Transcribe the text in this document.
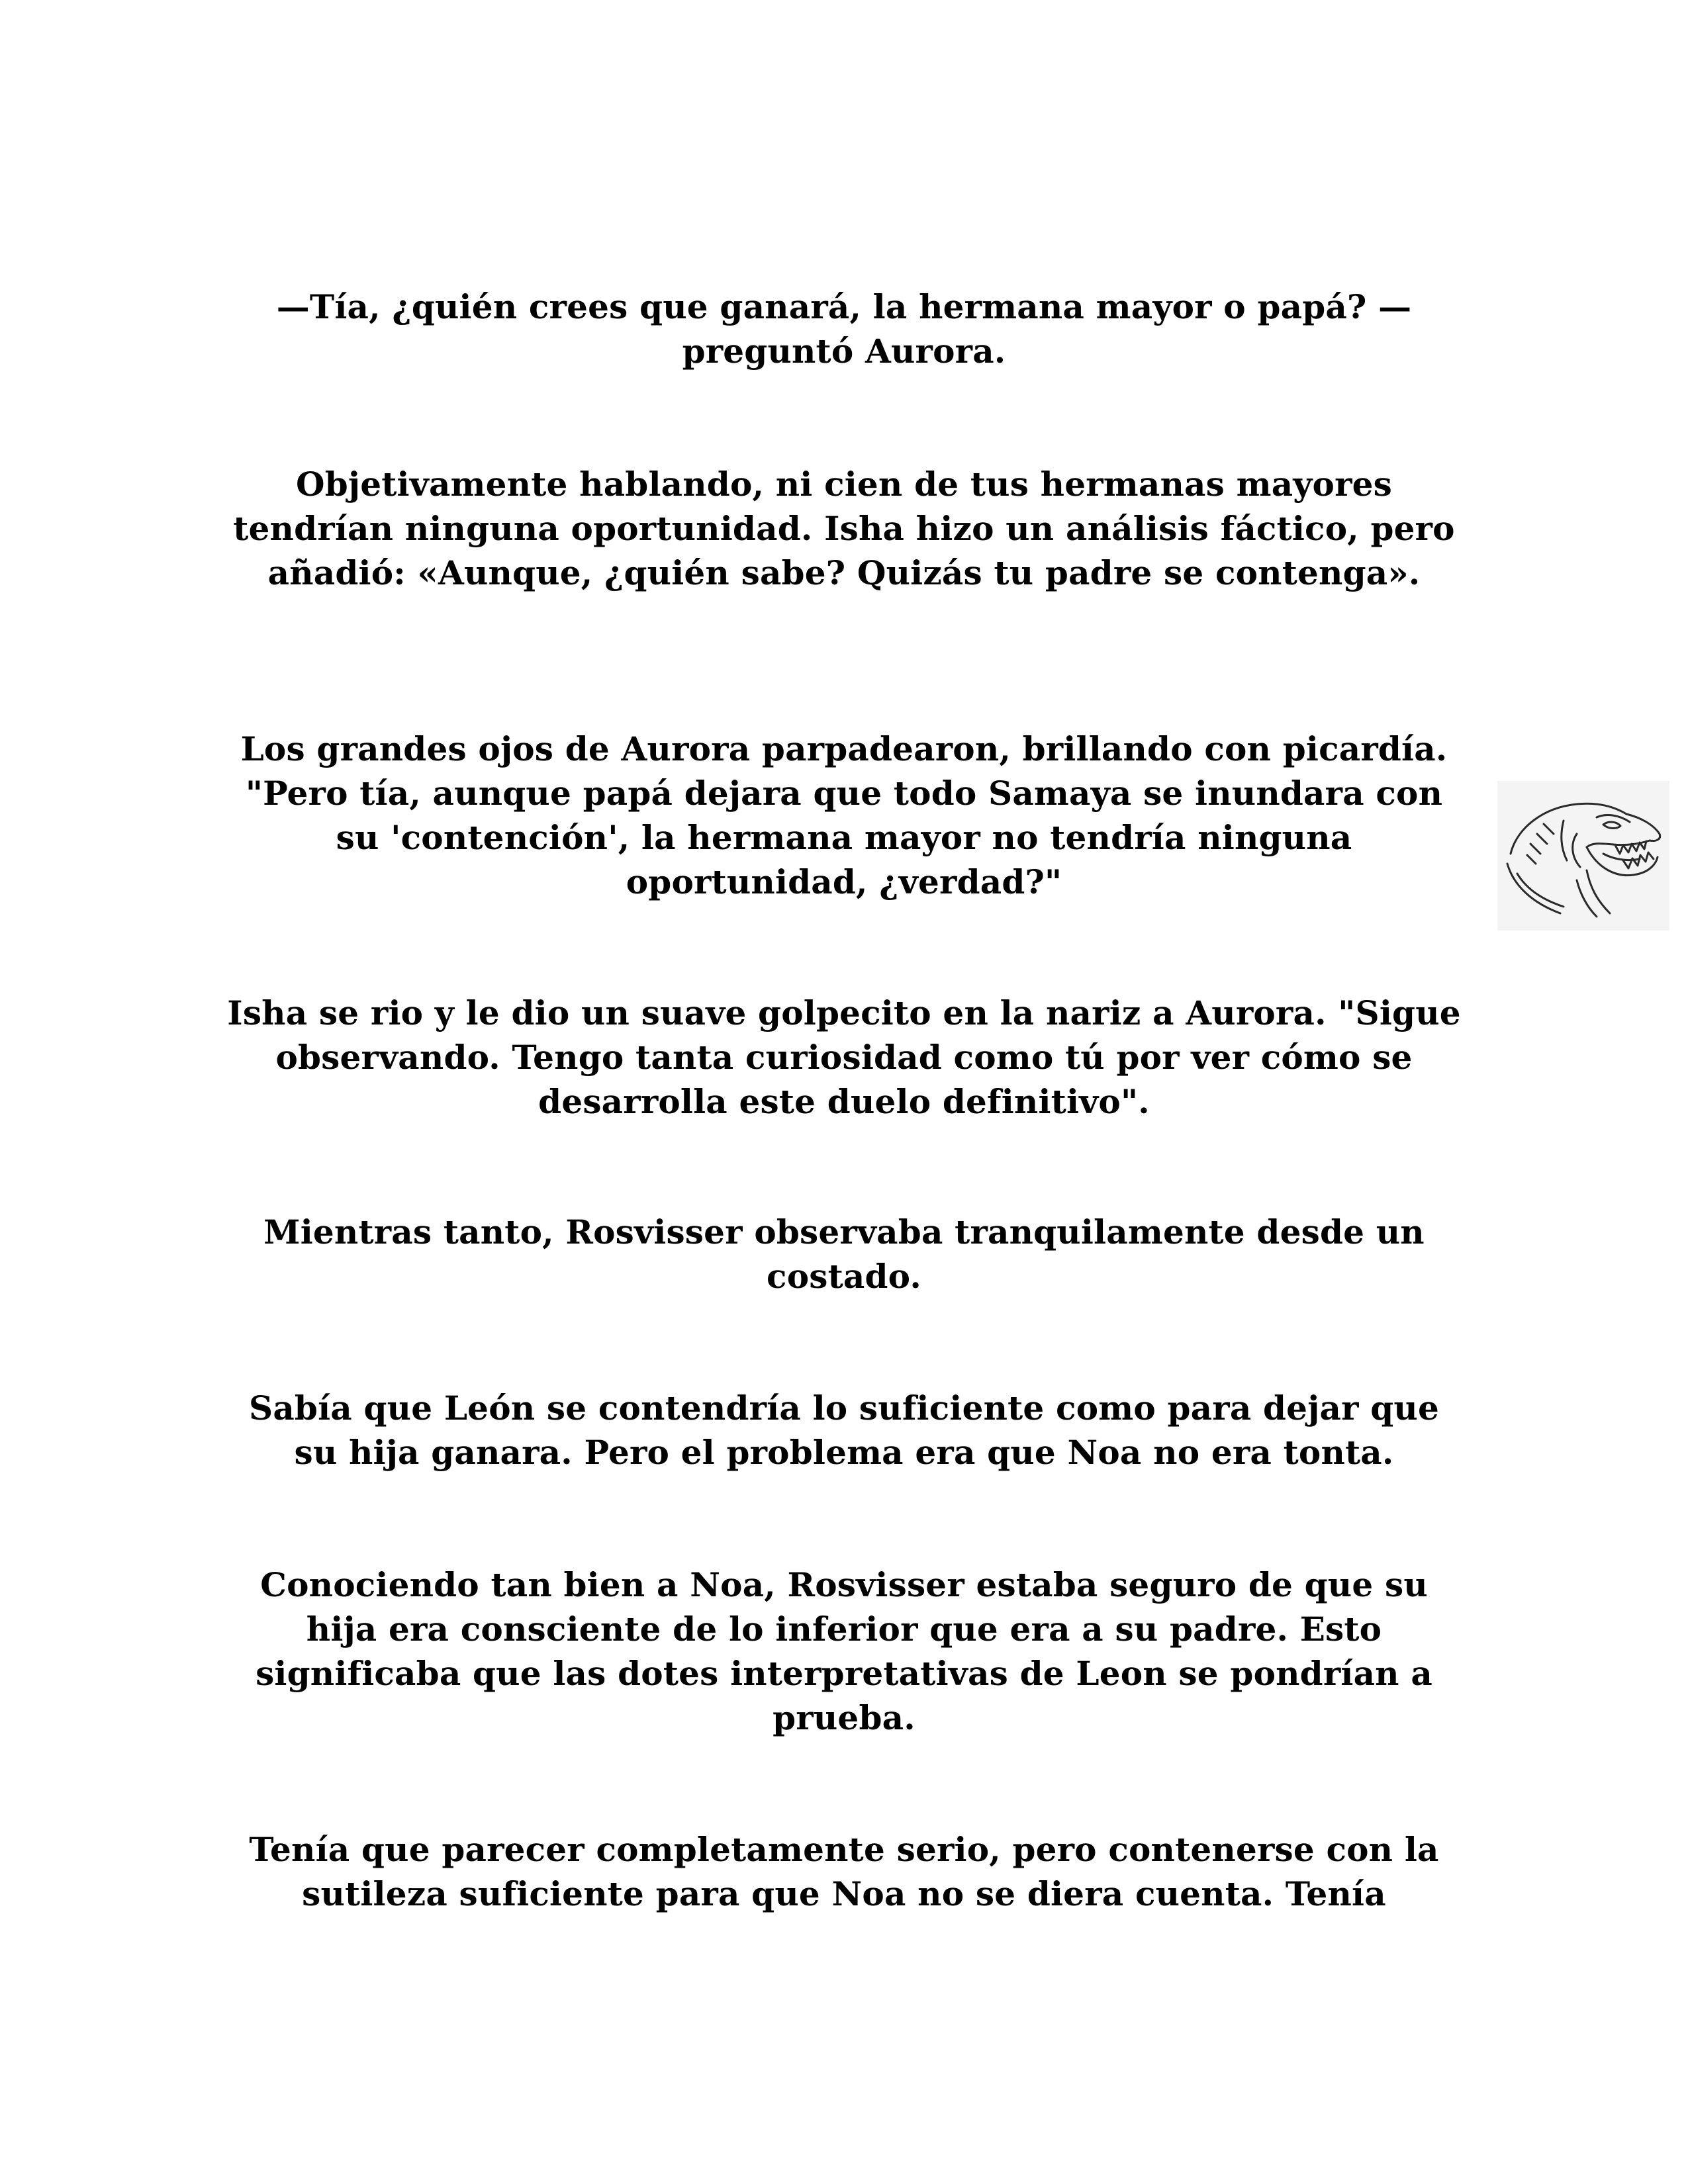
—Tía, ¿quién crees que ganará, la hermana mayor o papá? —preguntó Aurora.

Objetivamente hablando, ni cien de tus hermanas mayores tendrían ninguna oportunidad. Isha hizo un análisis fáctico, pero añadió: «Aunque, ¿quién sabe? Quizás tu padre se contenga».

Los grandes ojos de Aurora parpadearon, brillando con picardía. "Pero tía, aunque papá dejara que todo Samaya se inundara con su 'contención', la hermana mayor no tendría ninguna oportunidad, ¿verdad?"

Isha se rio y le dio un suave golpecito en la nariz a Aurora. "Sigue observando. Tengo tanta curiosidad como tú por ver cómo se desarrolla este duelo definitivo".

Mientras tanto, Rosvisser observaba tranquilamente desde un costado.

Sabía que León se contendría lo suficiente como para dejar que su hija ganara. Pero el problema era que Noa no era tonta.

Conociendo tan bien a Noa, Rosvisser estaba seguro de que su hija era consciente de lo inferior que era a su padre. Esto significaba que las dotes interpretativas de Leon se pondrían a prueba.

Tenía que parecer completamente serio, pero contenerse con la sutileza suficiente para que Noa no se diera cuenta. Tenía
